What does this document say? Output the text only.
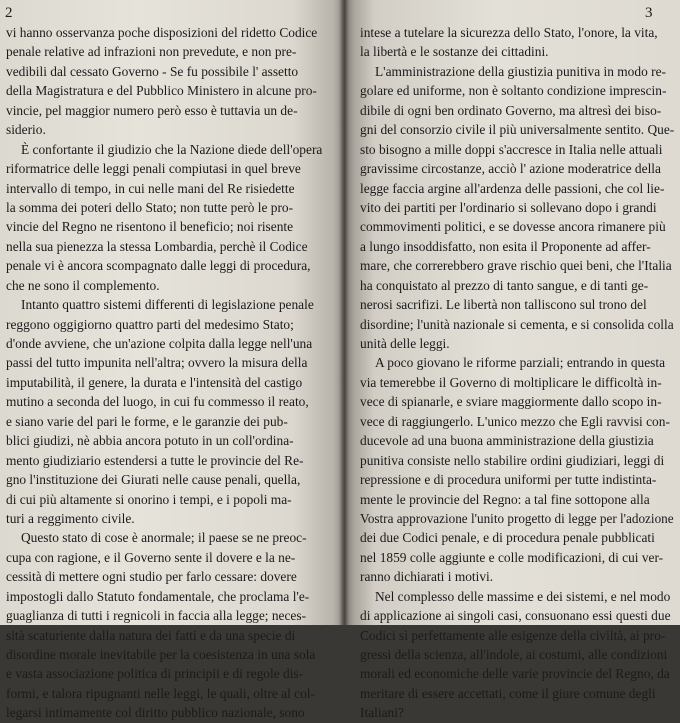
2
vi hanno osservanza poche disposizioni del ridetto Codice
penale relative ad infrazioni non prevedute, e non pre-
vedibili dal cessato Governo - Se fu possibile l' assetto
della Magistratura e del Pubblico Ministero in alcune pro-
vincie, pel maggior numero però esso è tuttavia un de-
siderio.
È confortante il giudizio che la Nazione diede dell'opera
riformatrice delle leggi penali compiutasi in quel breve
intervallo di tempo, in cui nelle mani del Re risiedette
la somma dei poteri dello Stato; non tutte però le pro-
vincie del Regno ne risentono il beneficio; noi risente
nella sua pienezza la stessa Lombardia, perchè il Codice
penale vi è ancora scompagnato dalle leggi di procedura,
che ne sono il complemento.
Intanto quattro sistemi differenti di legislazione penale
reggono oggigiorno quattro parti del medesimo Stato;
d'onde avviene, che un'azione colpita dalla legge nell'una
passi del tutto impunita nell'altra; ovvero la misura della
imputabilità, il genere, la durata e l'intensità del castigo
mutino a seconda del luogo, in cui fu commesso il reato,
e siano varie del pari le forme, e le garanzie dei pub-
blici giudizi, nè abbia ancora potuto in un coll'ordina-
mento giudiziario estendersi a tutte le provincie del Re-
gno l'instituzione dei Giurati nelle cause penali, quella,
di cui più altamente si onorino i tempi, e i popoli ma-
turi a reggimento civile.
Questo stato di cose è anormale; il paese se ne preoc-
cupa con ragione, e il Governo sente il dovere e la ne-
cessità di mettere ogni studio per farlo cessare: dovere
impostogli dallo Statuto fondamentale, che proclama l'e-
guaglianza di tutti i regnicoli in faccia alla legge; neces-
sità scaturiente dalla natura dei fatti e da una specie di
disordine morale inevitabile per la coesistenza in una sola
e vasta associazione politica di principii e di regole dis-
formi, e talora ripugnanti nelle leggi, le quali, oltre al col-
legarsi intimamente col diritto pubblico nazionale, sono
3
intese a tutelare la sicurezza dello Stato, l'onore, la vita,
la libertà e le sostanze dei cittadini.
L'amministrazione della giustizia punitiva in modo re-
golare ed uniforme, non è soltanto condizione imprescin-
dibile di ogni ben ordinato Governo, ma altresì dei biso-
gni del consorzio civile il più universalmente sentito. Que-
sto bisogno a mille doppi s'accresce in Italia nelle attuali
gravissime circostanze, acciò l' azione moderatrice della
legge faccia argine all'ardenza delle passioni, che col lie-
vito dei partiti per l'ordinario si sollevano dopo i grandi
commovimenti politici, e se dovesse ancora rimanere più
a lungo insoddisfatto, non esita il Proponente ad affer-
mare, che correrebbero grave rischio quei beni, che l'Italia
ha conquistato al prezzo di tanto sangue, e di tanti ge-
nerosi sacrifizi. Le libertà non talliscono sul trono del
disordine; l'unità nazionale si cementa, e si consolida colla
unità delle leggi.
A poco giovano le riforme parziali; entrando in questa
via temerebbe il Governo di moltiplicare le difficoltà in-
vece di spianarle, e sviare maggiormente dallo scopo in-
vece di raggiungerlo. L'unico mezzo che Egli ravvisi con-
ducevole ad una buona amministrazione della giustizia
punitiva consiste nello stabilire ordini giudiziari, leggi di
repressione e di procedura uniformi per tutte indistinta-
mente le provincie del Regno: a tal fine sottopone alla
Vostra approvazione l'unito progetto di legge per l'adozione
dei due Codici penale, e di procedura penale pubblicati
nel 1859 colle aggiunte e colle modificazioni, di cui ver-
ranno dichiarati i motivi.
Nel complesso delle massime e dei sistemi, e nel modo
di applicazione ai singoli casi, consuonano essi questi due
Codici sì perfettamente alle esigenze della civiltà, ai pro-
gressi della scienza, all'indole, ai costumi, alle condizioni
morali ed economiche delle varie provincie del Regno, da
meritare di essere accettati, come il giure comune degli
Italiani?
